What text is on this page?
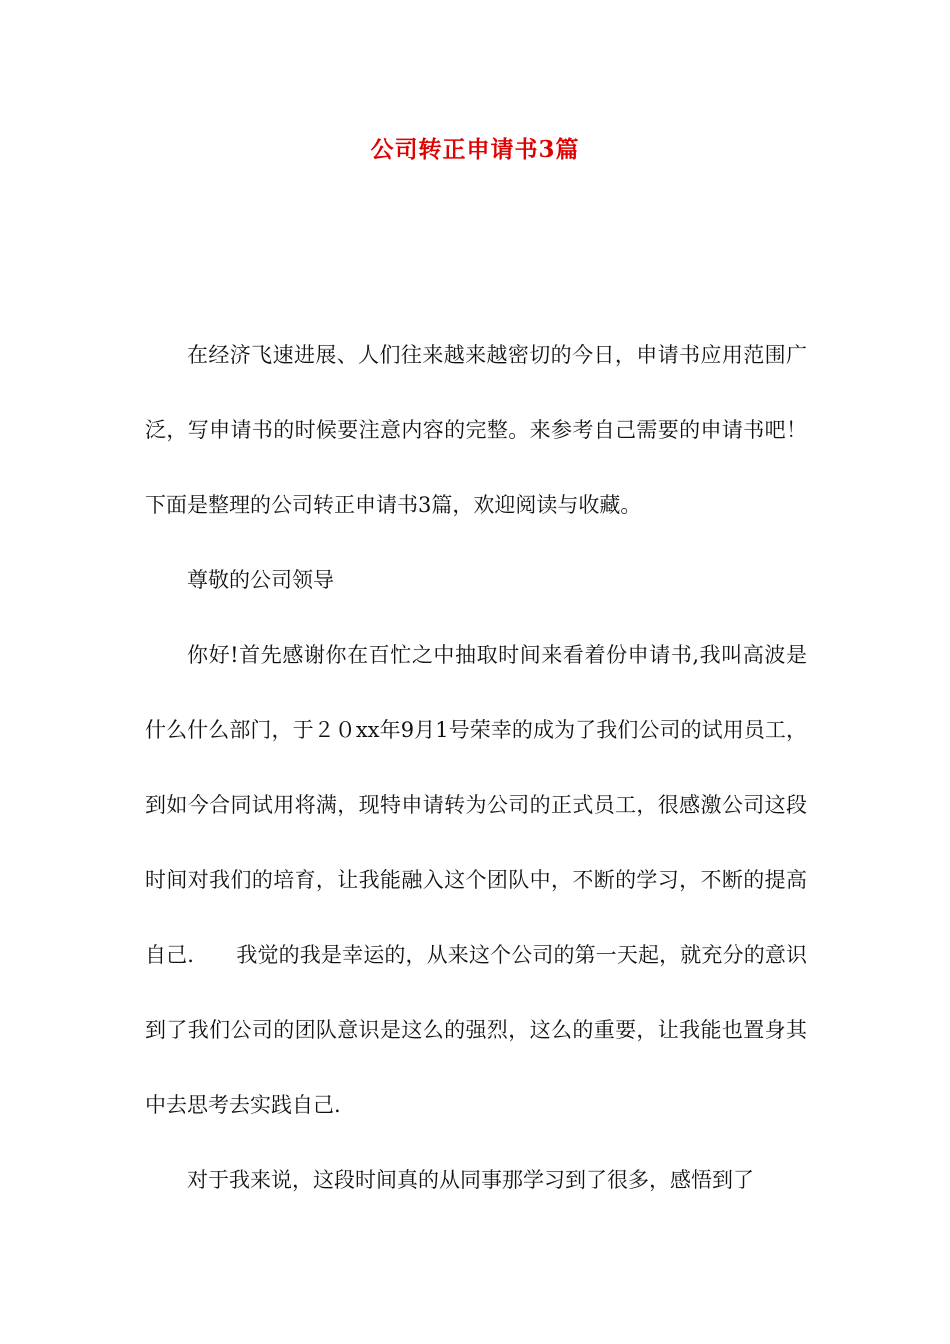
公司转正申请书3篇

在经济飞速进展、人们往来越来越密切的今日，申请书应用范围广泛，写申请书的时候要注意内容的完整。来参考自己需要的申请书吧！下面是整理的公司转正申请书3篇，欢迎阅读与收藏。

尊敬的公司领导

你好!首先感谢你在百忙之中抽取时间来看着份申请书,我叫高波是什么什么部门，于２０xx年9月1号荣幸的成为了我们公司的试用员工，到如今合同试用将满，现特申请转为公司的正式员工，很感激公司这段时间对我们的培育，让我能融入这个团队中，不断的学习，不断的提高自己.　　我觉的我是幸运的，从来这个公司的第一天起，就充分的意识到了我们公司的团队意识是这么的强烈，这么的重要，让我能也置身其中去思考去实践自己.

对于我来说，这段时间真的从同事那学习到了很多，感悟到了
